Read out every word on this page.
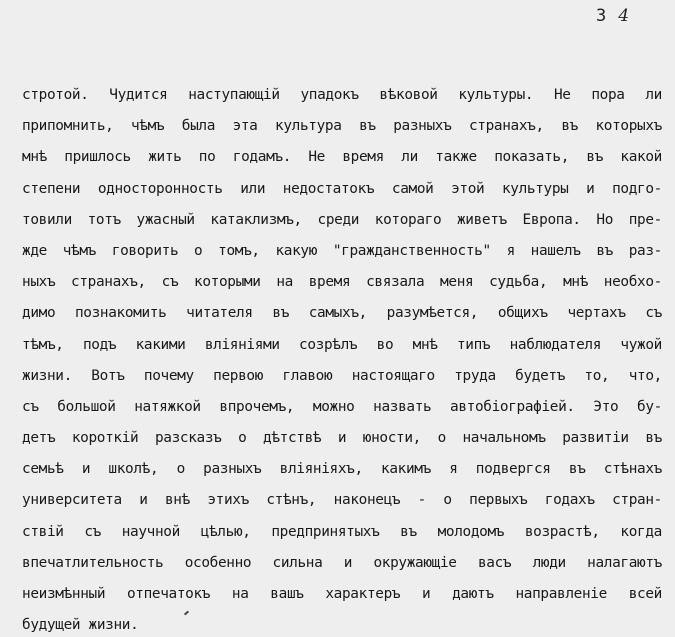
3 4
стротой. Чудится наступающій упадокъ вѣковой культуры. Не пора ли
припомнить, чѣмъ была эта культура въ разныхъ странахъ, въ которыхъ
мнѣ пришлось жить по годамъ. Не время ли также показать, въ какой
степени односторонность или недостатокъ самой этой культуры и подго-
товили тотъ ужасный катаклизмъ, среди котораго живетъ Европа. Но пре-
жде чѣмъ говорить о томъ, какую "гражданственность" я нашелъ въ раз-
ныхъ странахъ, съ которыми на время связала меня судьба, мнѣ необхо-
димо познакомить читателя въ самыхъ, разумѣется, общихъ чертахъ съ
тѣмъ, подъ какими вліяніями созрѣлъ во мнѣ типъ наблюдателя чужой
жизни. Вотъ почему первою главою настоящаго труда будетъ то, что,
съ большой натяжкой впрочемъ, можно назвать автобіографіей. Это бу-
детъ короткій разсказъ о дѣтствѣ и юности, о начальномъ развитіи въ
семьѣ и школѣ, о разныхъ вліяніяхъ, какимъ я подвергся въ стѣнахъ
университета и внѣ этихъ стѣнъ, наконецъ - о первыхъ годахъ стран-
ствій съ научной цѣлью, предпринятыхъ въ молодомъ возрастѣ, когда
впечатлительность особенно сильна и окружающіе васъ люди налагаютъ
неизмѣнный отпечатокъ на вашъ характеръ и даютъ направленіе всей
будущей жизни.
